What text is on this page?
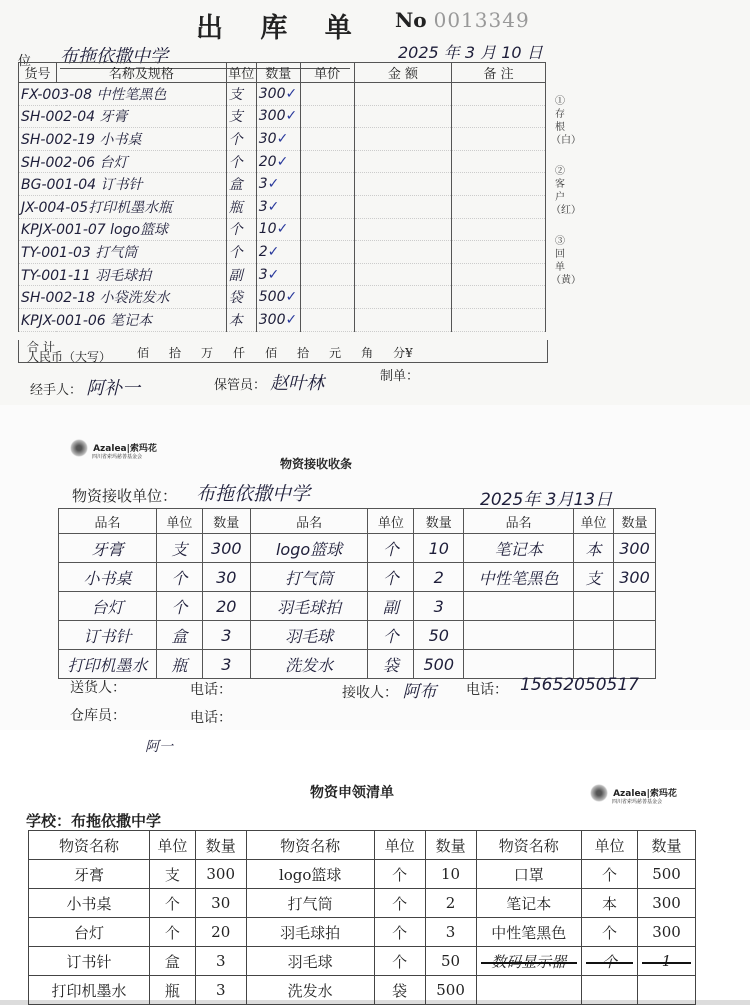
出 库 单 No 0013349
位 布拖依撒中学	2025 年 3 月 10 日
货号	名称及规格	单位	数量	单价	金 额	备 注
FX-003-08 中性笔黑色		支	300✓			
SH-002-04 牙膏		支	300✓			
SH-002-19 小书桌		个	30✓			
SH-002-06 台灯		个	20✓			
BG-001-04 订书针		盒	3✓			
JX-004-05打印机墨水瓶		瓶	3✓			
KPJX-001-07 logo篮球		个	10✓			
TY-001-03 打气筒		个	2✓			
TY-001-11 羽毛球拍		副	3✓			
SH-002-18 小袋洗发水		袋	500✓			
KPJX-001-06 笔记本		本	300✓			
①存根（白）
②客户（红）
③回单（黄）
合 计
人民币（大写） 佰 拾 万 仟 佰 拾 元 角 分¥
经手人： 阿补一	保管员： 赵叶林	制单：
Azalea|索玛花
四川省索玛慈善基金会
物资接收收条
物资接收单位： 布拖依撒中学	2025年 3月13日
品名	单位	数量	品名	单位	数量	品名	单位	数量
牙膏	支	300	logo篮球	个	10	笔记本	本	300
小书桌	个	30	打气筒	个	2	中性笔黑色	支	300
台灯	个	20	羽毛球拍	副	3			
订书针	盒	3	羽毛球	个	50			
打印机墨水	瓶	3	洗发水	袋	500			
送货人：	电话：	接收人： 阿布 电话： 15652050517
仓库员：	电话：
阿一
物资申领清单
学校：布拖依撒中学
Azalea|索玛花
四川省索玛慈善基金会
物资名称	单位	数量	物资名称	单位	数量	物资名称	单位	数量
牙膏	支	300	logo篮球	个	10	口罩	个	500
小书桌	个	30	打气筒	个	2	笔记本	本	300
台灯	个	20	羽毛球拍	个	3	中性笔黑色	个	300
订书针	盒	3	羽毛球	个	50	数码显示器	个	1
打印机墨水	瓶	3	洗发水	袋	500			
